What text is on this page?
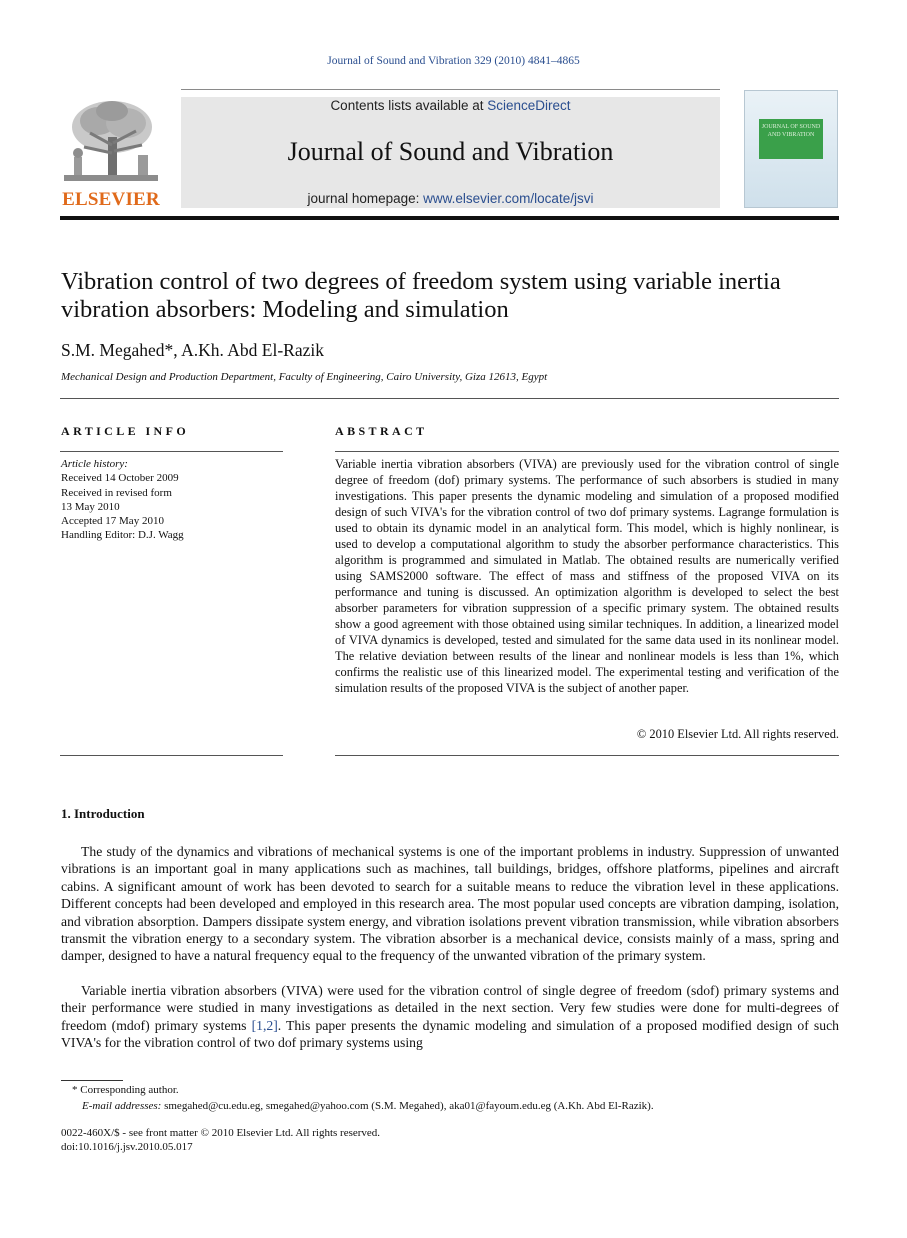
Journal of Sound and Vibration 329 (2010) 4841–4865
ELSEVIER
Contents lists available at ScienceDirect
Journal of Sound and Vibration
journal homepage: www.elsevier.com/locate/jsvi
JOURNAL OF SOUND AND VIBRATION
Vibration control of two degrees of freedom system using variable inertia vibration absorbers: Modeling and simulation
S.M. Megahed*, A.Kh. Abd El-Razik
Mechanical Design and Production Department, Faculty of Engineering, Cairo University, Giza 12613, Egypt
ARTICLE INFO	ABSTRACT
Article history:
Received 14 October 2009
Received in revised form
13 May 2010
Accepted 17 May 2010
Handling Editor: D.J. Wagg
Variable inertia vibration absorbers (VIVA) are previously used for the vibration control of single degree of freedom (dof) primary systems. The performance of such absorbers is studied in many investigations. This paper presents the dynamic modeling and simulation of a proposed modified design of such VIVA's for the vibration control of two dof primary systems. Lagrange formulation is used to obtain its dynamic model in an analytical form. This model, which is highly nonlinear, is used to develop a computational algorithm to study the absorber performance characteristics. This algorithm is programmed and simulated in Matlab. The obtained results are numerically verified using SAMS2000 software. The effect of mass and stiffness of the proposed VIVA on its performance and tuning is discussed. An optimization algorithm is developed to select the best absorber parameters for vibration suppression of a specific primary system. The obtained results show a good agreement with those obtained using similar techniques. In addition, a linearized model of VIVA dynamics is developed, tested and simulated for the same data used in its nonlinear model. The relative deviation between results of the linear and nonlinear models is less than 1%, which confirms the realistic use of this linearized model. The experimental testing and verification of the simulation results of the proposed VIVA is the subject of another paper.
© 2010 Elsevier Ltd. All rights reserved.
1. Introduction
The study of the dynamics and vibrations of mechanical systems is one of the important problems in industry. Suppression of unwanted vibrations is an important goal in many applications such as machines, tall buildings, bridges, offshore platforms, pipelines and aircraft cabins. A significant amount of work has been devoted to search for a suitable means to reduce the vibration level in these applications. Different concepts had been developed and employed in this research area. The most popular used concepts are vibration damping, isolation, and vibration absorption. Dampers dissipate system energy, and vibration isolations prevent vibration transmission, while vibration absorbers transmit the vibration energy to a secondary system. The vibration absorber is a mechanical device, consists mainly of a mass, spring and damper, designed to have a natural frequency equal to the frequency of the unwanted vibration of the primary system.
Variable inertia vibration absorbers (VIVA) were used for the vibration control of single degree of freedom (sdof) primary systems and their performance were studied in many investigations as detailed in the next section. Very few studies were done for multi-degrees of freedom (mdof) primary systems [1,2]. This paper presents the dynamic modeling and simulation of a proposed modified design of such VIVA's for the vibration control of two dof primary systems using
* Corresponding author.
E-mail addresses: smegahed@cu.edu.eg, smegahed@yahoo.com (S.M. Megahed), aka01@fayoum.edu.eg (A.Kh. Abd El-Razik).
0022-460X/$ - see front matter © 2010 Elsevier Ltd. All rights reserved.
doi:10.1016/j.jsv.2010.05.017
